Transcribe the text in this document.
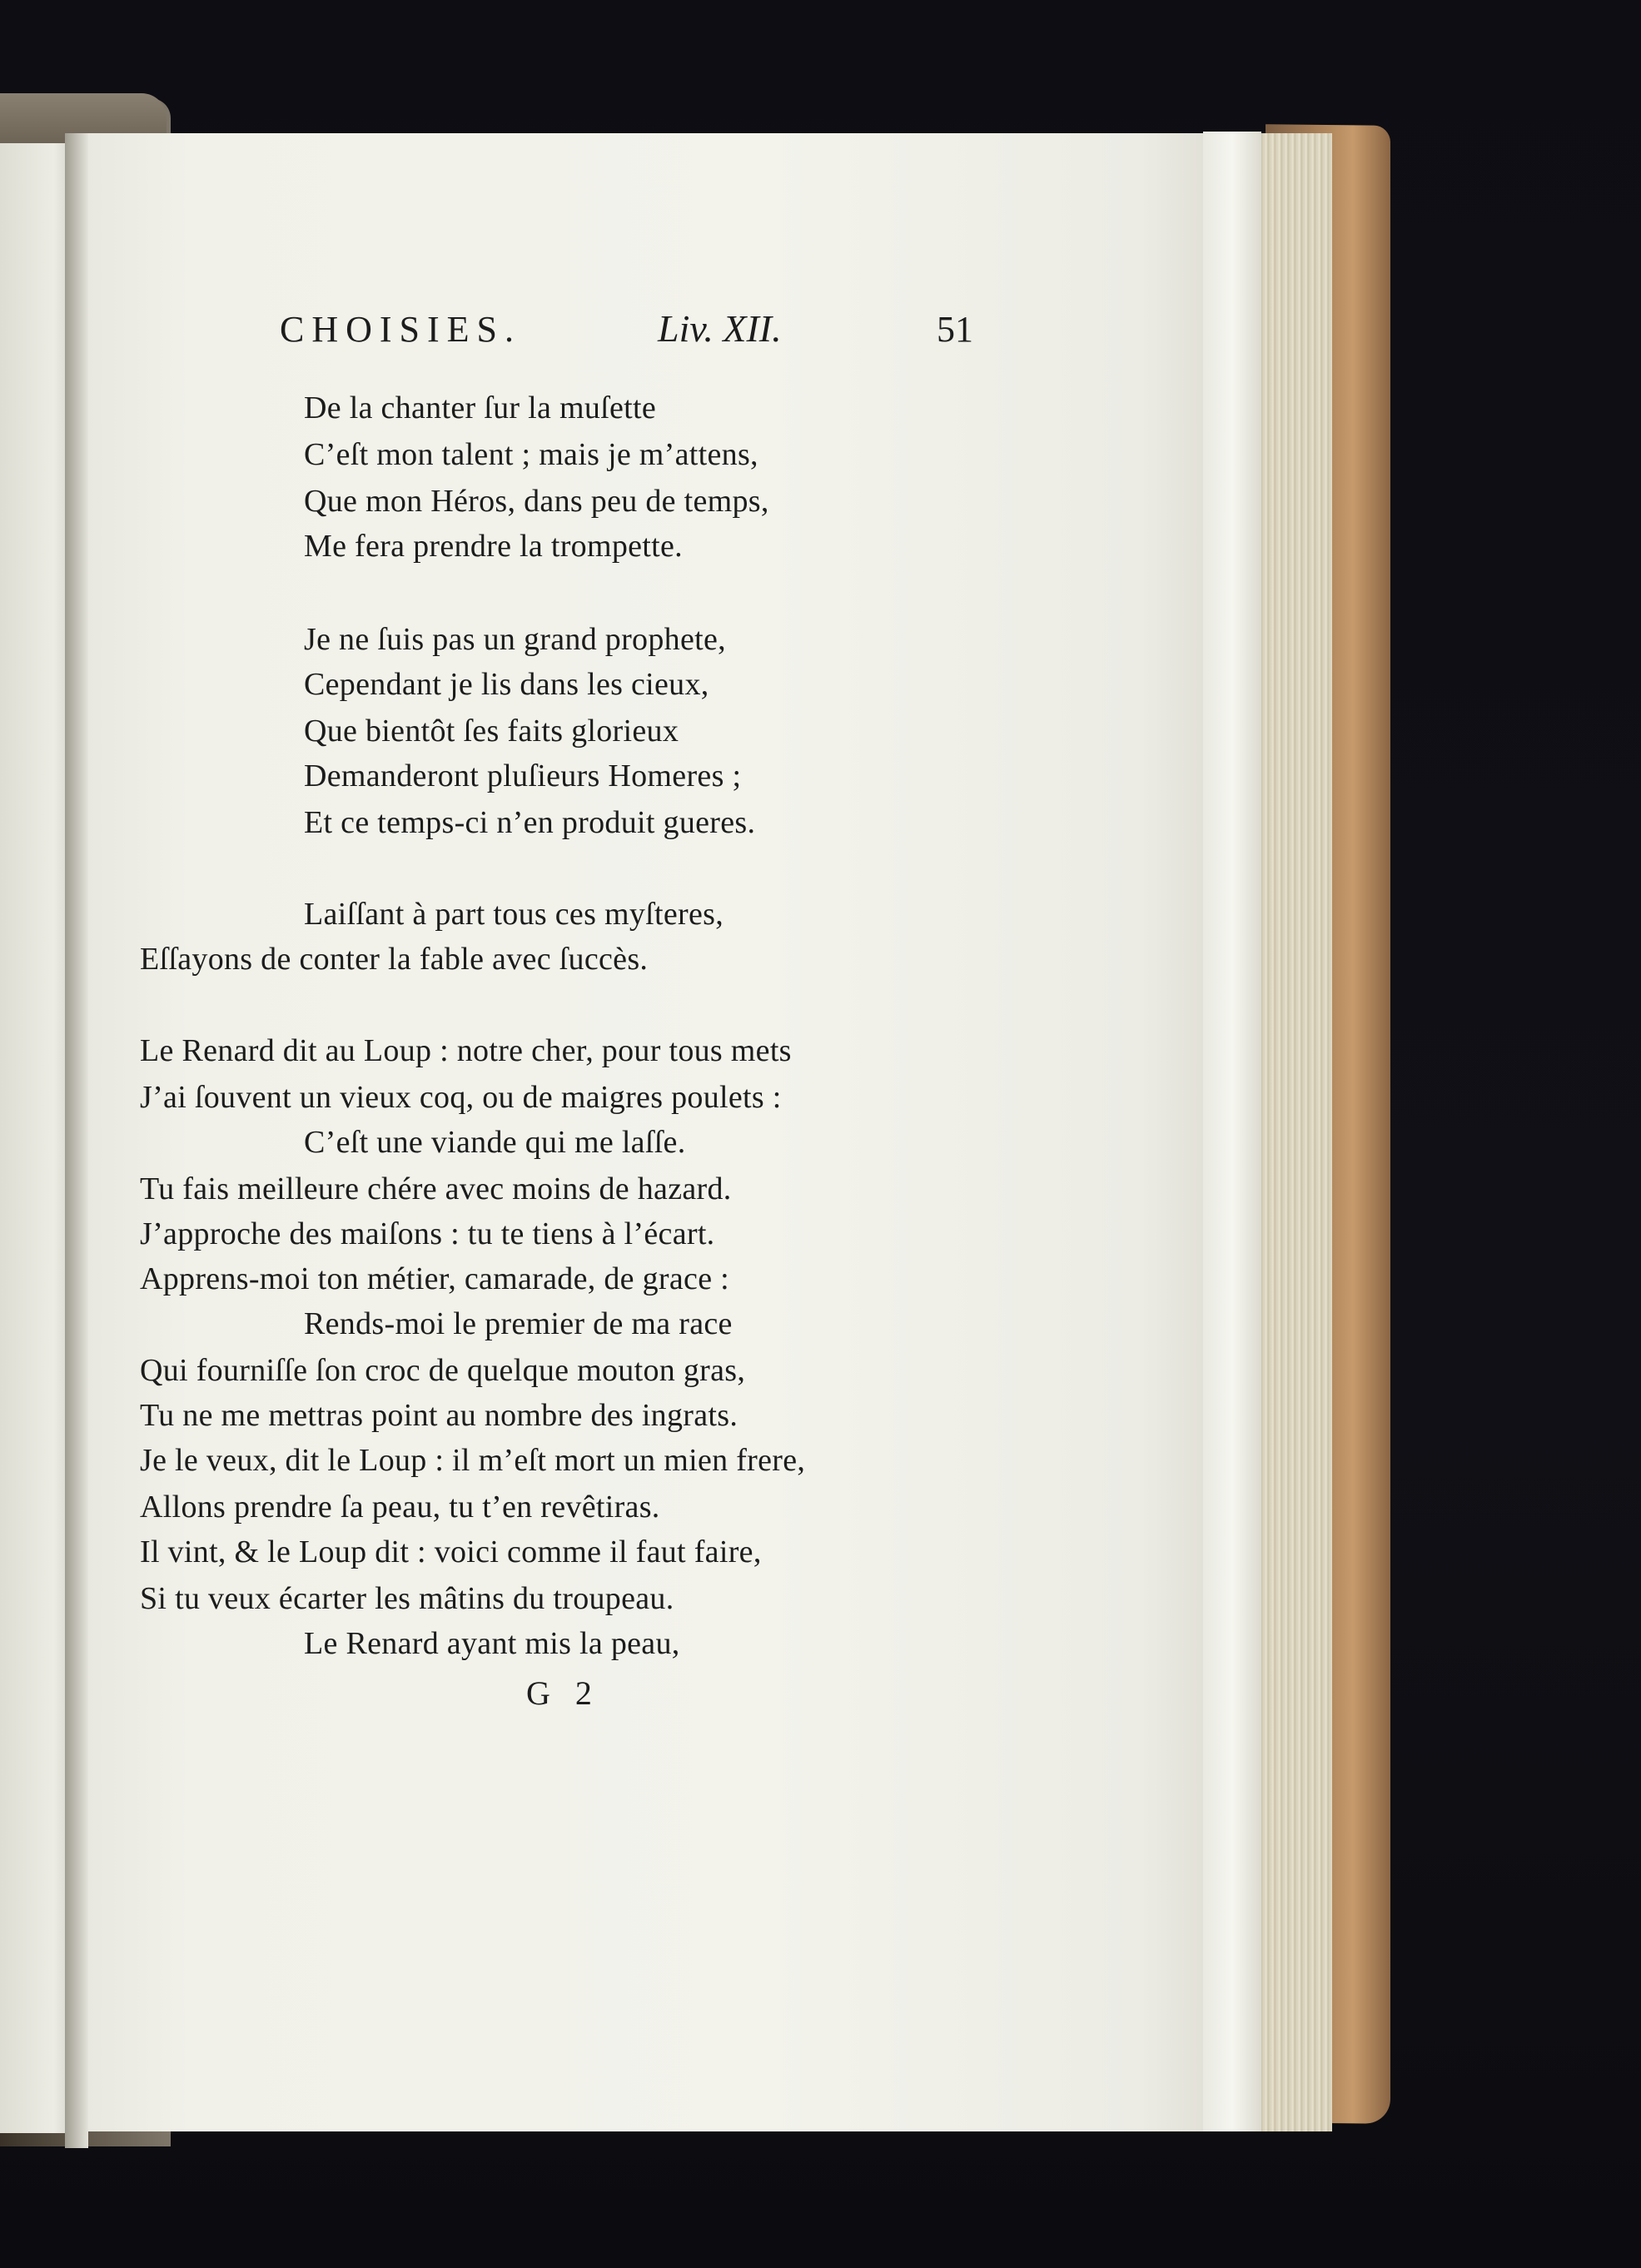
CHOISIES.	Liv. XII.	51
De la chanter ſur la muſette
C’eſt mon talent ; mais je m’attens,
Que mon Héros, dans peu de temps,
Me fera prendre la trompette.
Je ne ſuis pas un grand prophete,
Cependant je lis dans les cieux,
Que bientôt ſes faits glorieux
Demanderont pluſieurs Homeres ;
Et ce temps-ci n’en produit gueres.
Laiſſant à part tous ces myſteres,
Eſſayons de conter la fable avec ſuccès.
Le Renard dit au Loup : notre cher, pour tous mets
J’ai ſouvent un vieux coq, ou de maigres poulets :
C’eſt une viande qui me laſſe.
Tu fais meilleure chére avec moins de hazard.
J’approche des maiſons : tu te tiens à l’écart.
Apprens-moi ton métier, camarade, de grace :
Rends-moi le premier de ma race
Qui fourniſſe ſon croc de quelque mouton gras,
Tu ne me mettras point au nombre des ingrats.
Je le veux, dit le Loup : il m’eſt mort un mien frere,
Allons prendre ſa peau, tu t’en revêtiras.
Il vint, & le Loup dit : voici comme il faut faire,
Si tu veux écarter les mâtins du troupeau.
Le Renard ayant mis la peau,
G 2
